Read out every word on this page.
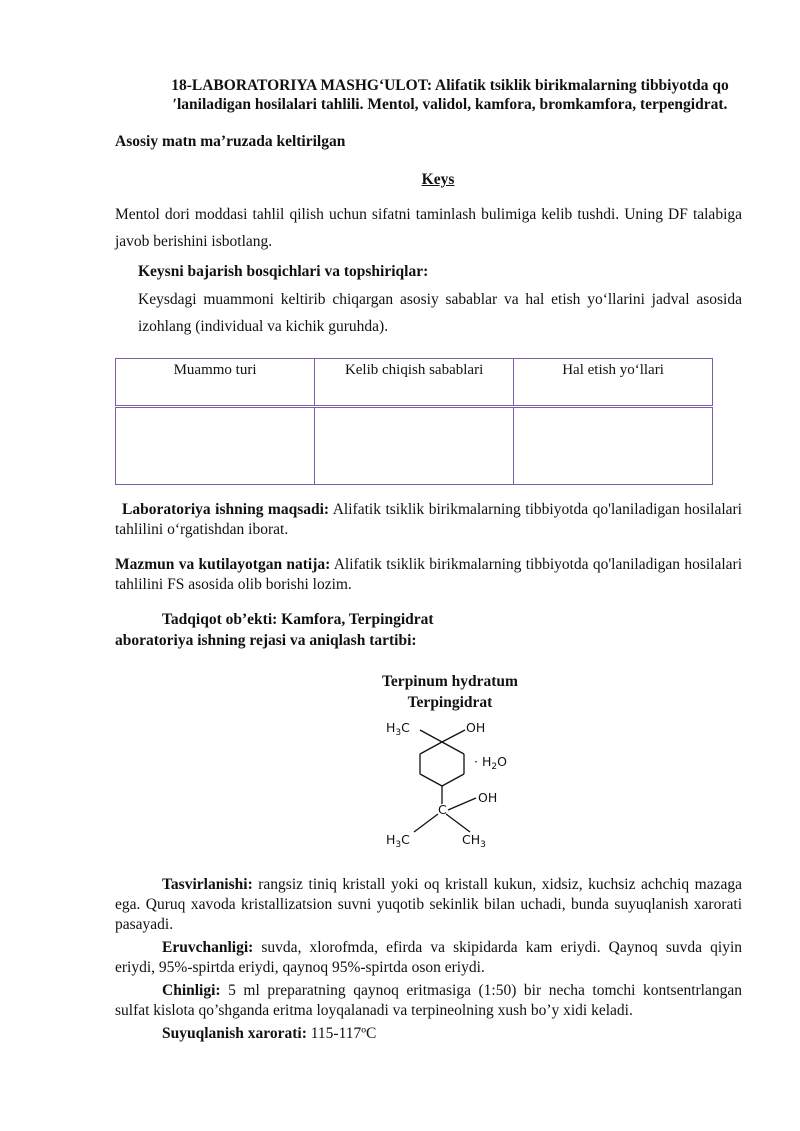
18-LABORATORIYA MASHG‘ULOT: Alifatik tsiklik birikmalarning tibbiyotda qo
ʹlaniladigan hosilalari tahlili. Mentol, validol, kamfora, bromkamfora, terpengidrat.
Asosiy matn ma’ruzada keltirilgan
Keys
Mentol dori moddasi tahlil qilish uchun sifatni taminlash bulimiga kelib tushdi. Uning DF talabiga
javob berishini isbotlang.
Keysni bajarish bosqichlari va topshiriqlar:
Keysdagi muammoni keltirib chiqargan asosiy sabablar va hal etish yo‘llarini jadval asosida
izohlang (individual va kichik guruhda).
Muammo turi	Kelib chiqish sabablari	Hal etish yo‘llari

Laboratoriya ishning maqsadi: Alifatik tsiklik birikmalarning tibbiyotda qo'laniladigan hosilalari tahlilini o‘rgatishdan iborat.
Mazmun va kutilayotgan natija: Alifatik tsiklik birikmalarning tibbiyotda qo'laniladigan hosilalari tahlilini FS asosida olib borishi lozim.
Tadqiqot ob’ekti: Kamfora, Terpingidrat
aboratoriya ishning rejasi va aniqlash tartibi:
Terpinum hydratum
Terpingidrat
$H_3C$	OH
· $H_2O$
C
OH
$H_3C$	$CH_3$
Tasvirlanishi: rangsiz tiniq kristall yoki oq kristall kukun, xidsiz, kuchsiz achchiq mazaga ega. Quruq xavoda kristallizatsion suvni yuqotib sekinlik bilan uchadi, bunda suyuqlanish xarorati pasayadi.
Eruvchanligi: suvda, xlorofmda, efirda va skipidarda kam eriydi. Qaynoq suvda qiyin eriydi, 95%-spirtda eriydi, qaynoq 95%-spirtda oson eriydi.
Chinligi: 5 ml preparatning qaynoq eritmasiga (1:50) bir necha tomchi kontsentrlangan sulfat kislota qo’shganda eritma loyqalanadi va terpineolning xush bo’y xidi keladi.
Suyuqlanish xarorati: 115-117ºC
